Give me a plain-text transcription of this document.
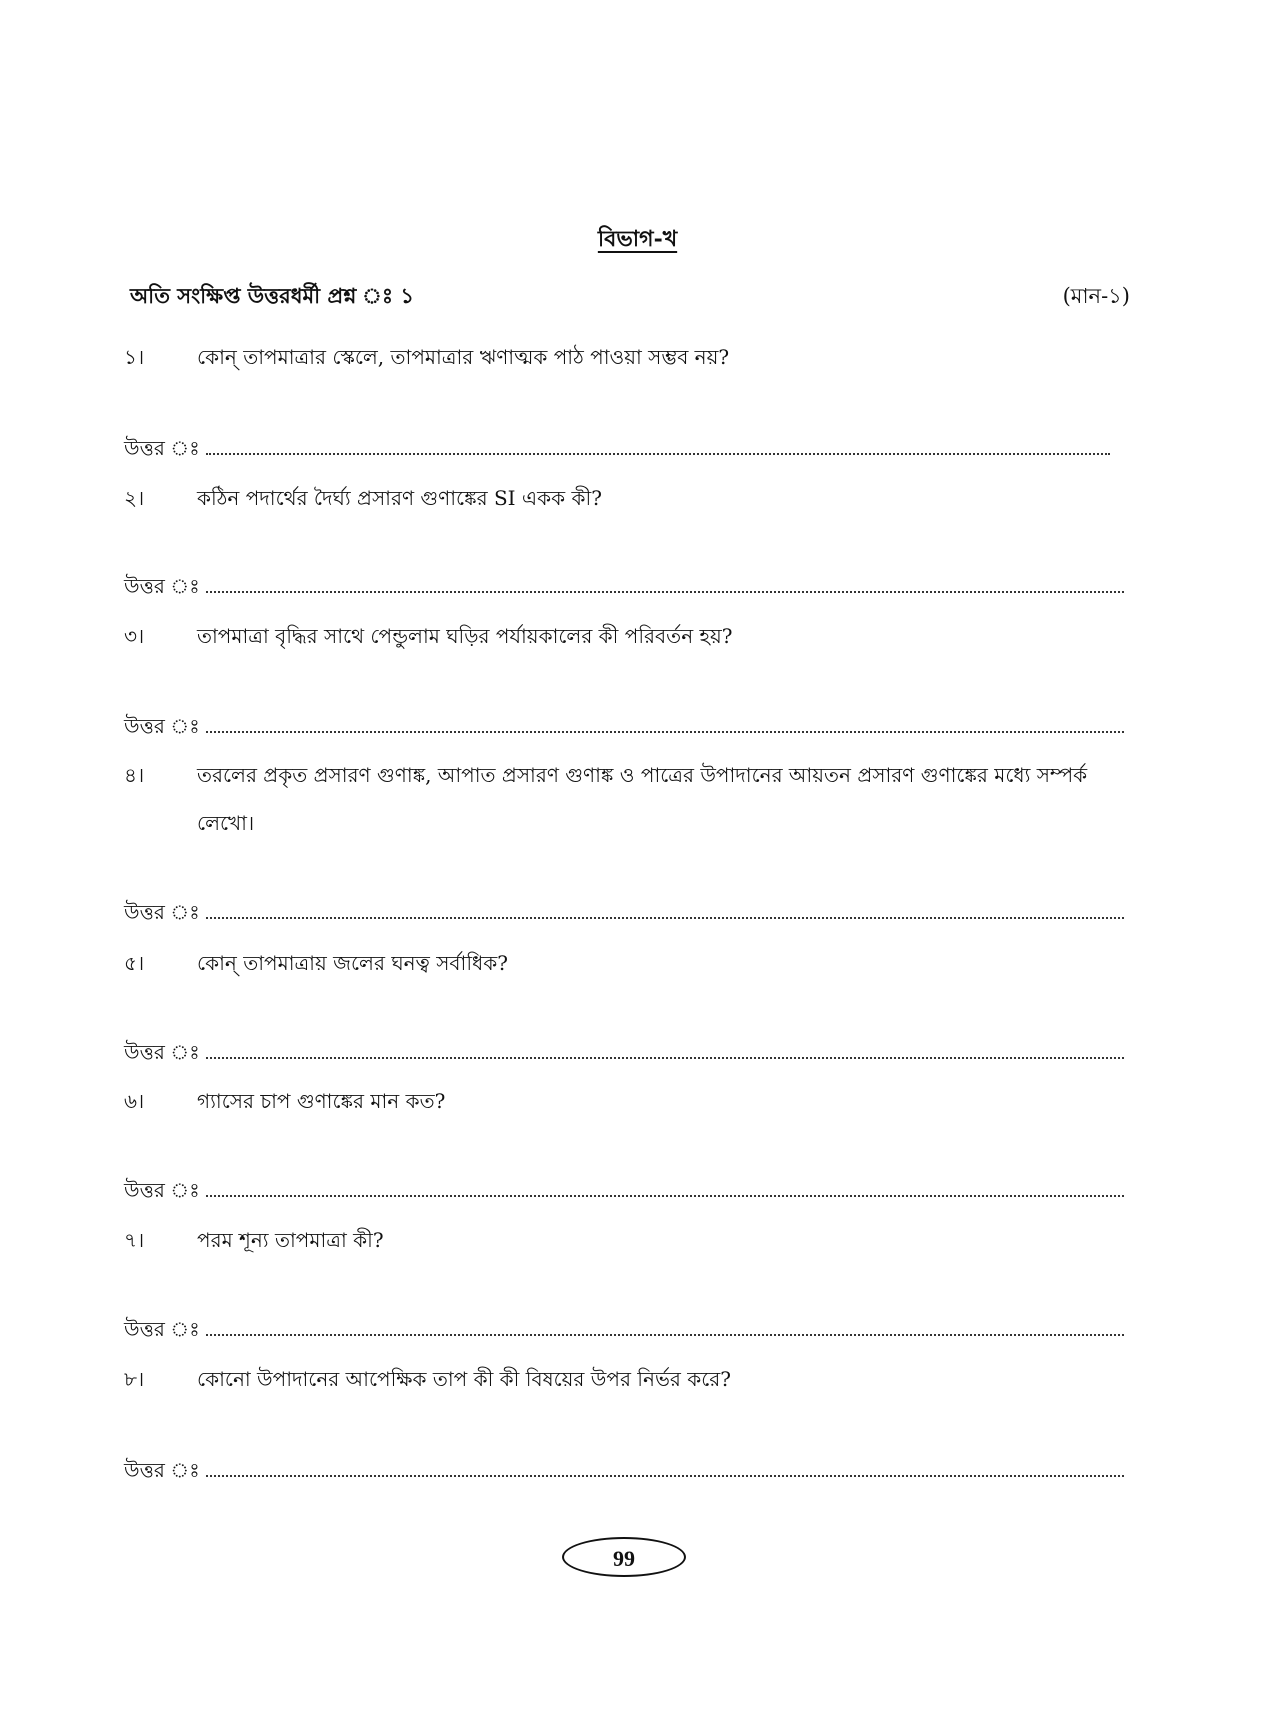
বিভাগ-খ
অতি সংক্ষিপ্ত উত্তরধর্মী প্রশ্ন ঃ ১	(মান-১)
১।	কোন্ তাপমাত্রার স্কেলে, তাপমাত্রার ঋণাত্মক পাঠ পাওয়া সম্ভব নয়?
উত্তর ঃ
২।	কঠিন পদার্থের দৈর্ঘ্য প্রসারণ গুণাঙ্কের SI একক কী?
উত্তর ঃ
৩।	তাপমাত্রা বৃদ্ধির সাথে পেন্ডুলাম ঘড়ির পর্যায়কালের কী পরিবর্তন হয়?
উত্তর ঃ
৪।	তরলের প্রকৃত প্রসারণ গুণাঙ্ক, আপাত প্রসারণ গুণাঙ্ক ও পাত্রের উপাদানের আয়তন প্রসারণ গুণাঙ্কের মধ্যে সম্পর্ক লেখো।
উত্তর ঃ
৫।	কোন্ তাপমাত্রায় জলের ঘনত্ব সর্বাধিক?
উত্তর ঃ
৬।	গ্যাসের চাপ গুণাঙ্কের মান কত?
উত্তর ঃ
৭।	পরম শূন্য তাপমাত্রা কী?
উত্তর ঃ
৮।	কোনো উপাদানের আপেক্ষিক তাপ কী কী বিষয়ের উপর নির্ভর করে?
উত্তর ঃ
99
